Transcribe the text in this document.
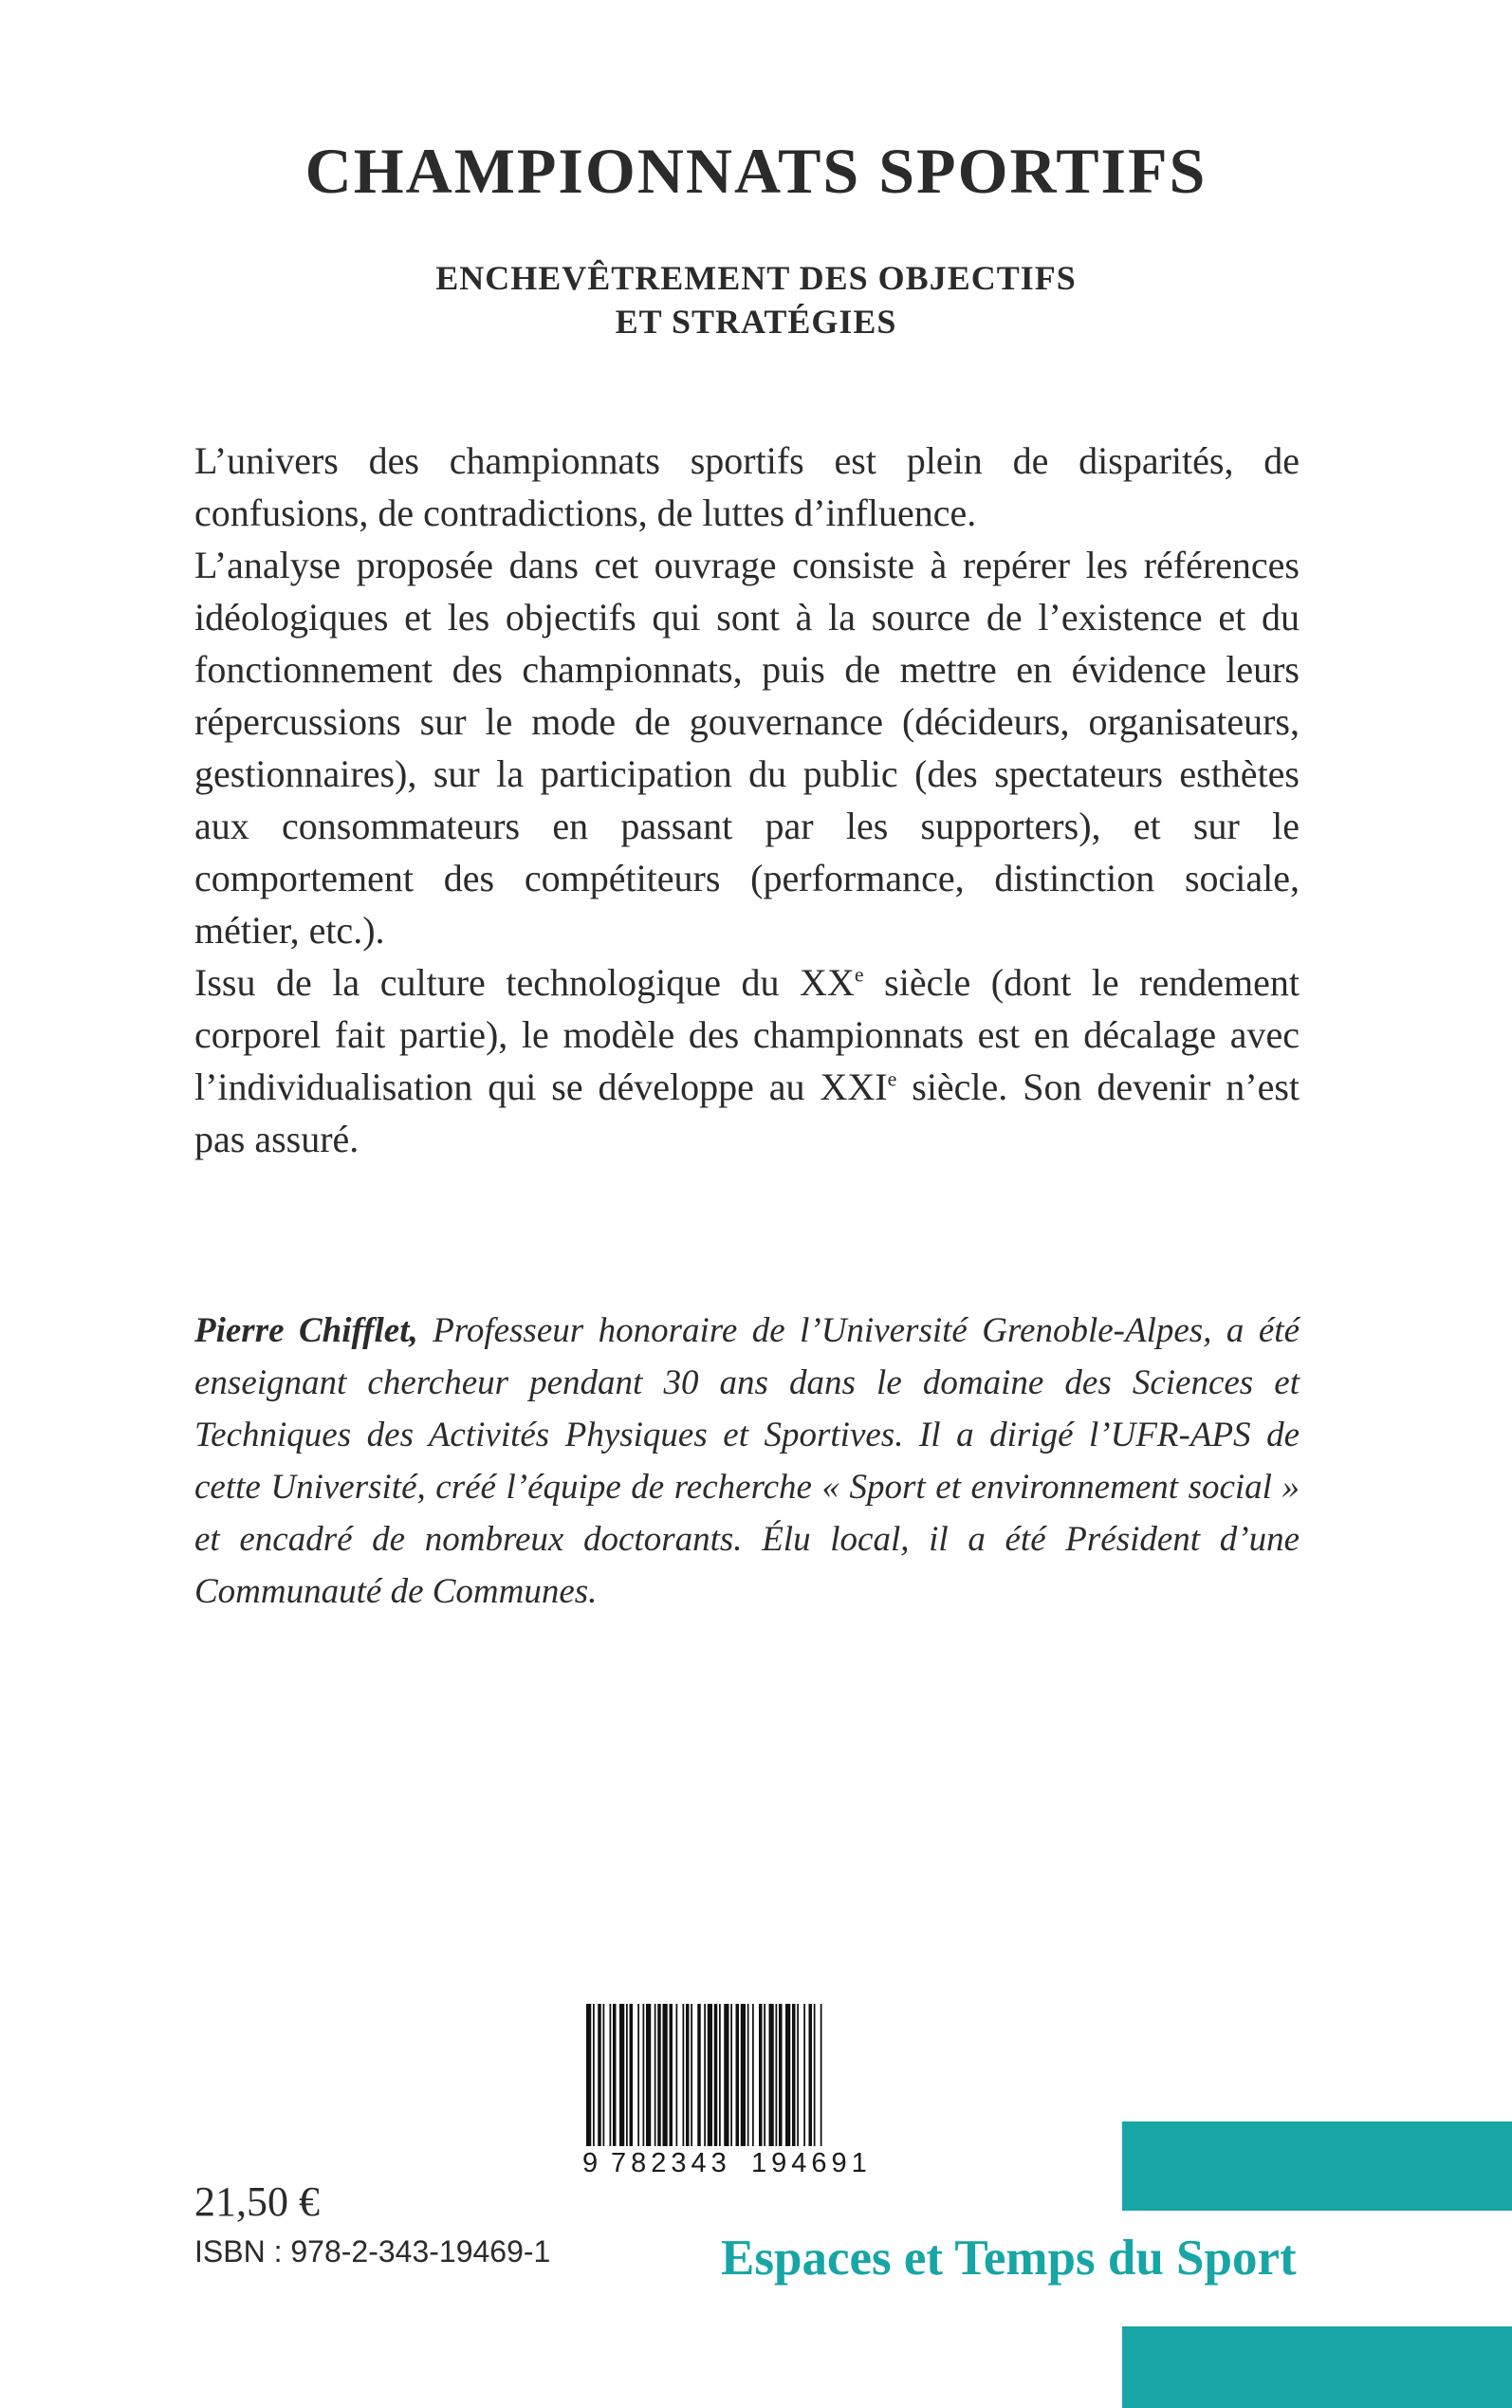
CHAMPIONNATS SPORTIFS
ENCHEVÊTREMENT DES OBJECTIFS
ET STRATÉGIES

L’univers des championnats sportifs est plein de disparités, de confusions, de contradictions, de luttes d’influence.

L’analyse proposée dans cet ouvrage consiste à repérer les références idéologiques et les objectifs qui sont à la source de l’existence et du fonctionnement des championnats, puis de mettre en évidence leurs répercussions sur le mode de gouvernance (décideurs, organisateurs, gestionnaires), sur la participation du public (des spectateurs esthètes aux consommateurs en passant par les supporters), et sur le comportement des compétiteurs (performance, distinction sociale, métier, etc.).

Issu de la culture technologique du XXe siècle (dont le rendement corporel fait partie), le modèle des championnats est en décalage avec l’individualisation qui se développe au XXIe siècle. Son devenir n’est pas assuré.

Pierre Chifflet, Professeur honoraire de l’Université Grenoble-Alpes, a été enseignant chercheur pendant 30 ans dans le domaine des Sciences et Techniques des Activités Physiques et Sportives. Il a dirigé l’UFR-APS de cette Université, créé l’équipe de recherche « Sport et environnement social » et encadré de nombreux doctorants. Élu local, il a été Président d’une Communauté de Communes.

9 782343 194691

21,50 €

ISBN : 978-2-343-19469-1	Espaces et Temps du Sport
